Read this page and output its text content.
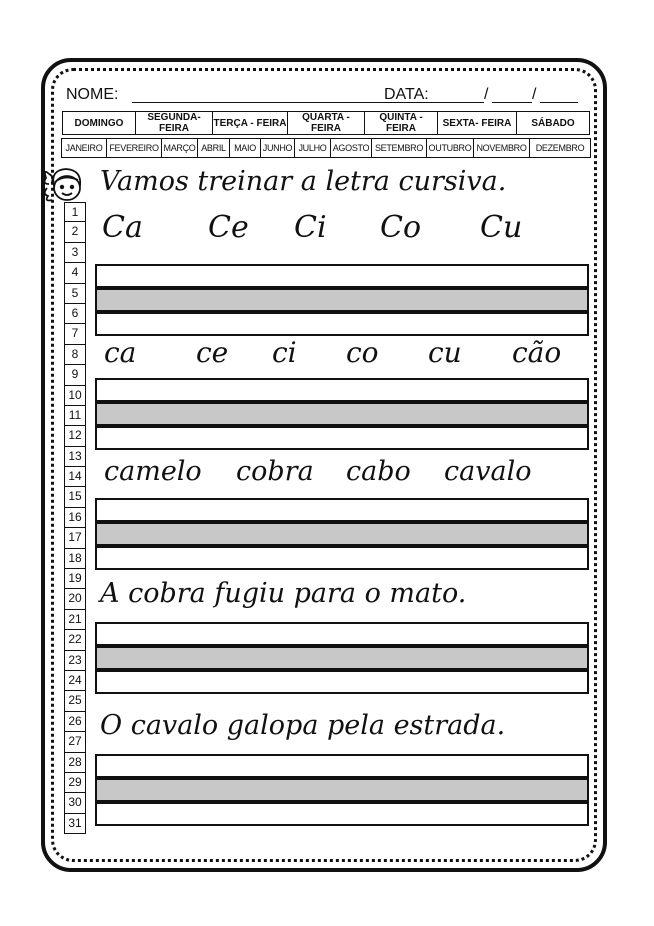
NOME:	DATA:	/	/
DOMINGO	SEGUNDA- FEIRA	TERÇA - FEIRA	QUARTA - FEIRA	QUINTA - FEIRA	SEXTA- FEIRA	SÁBADO
JANEIRO	FEVEREIRO	MARÇO	ABRIL	MAIO	JUNHO	JULHO	AGOSTO	SETEMBRO	OUTUBRO	NOVEMBRO	DEZEMBRO
Vamos treinar a letra cursiva.
1
2
3
4
5
6
7
8
9
10
11
12
13
14
15
16
17
18
19
20
21
22
23
24
25
26
27
28
29
30
31
Ca Ce Ci Co Cu
ca ce ci co cu cão
camelo cobra cabo cavalo
A cobra fugiu para o mato.
O cavalo galopa pela estrada.
